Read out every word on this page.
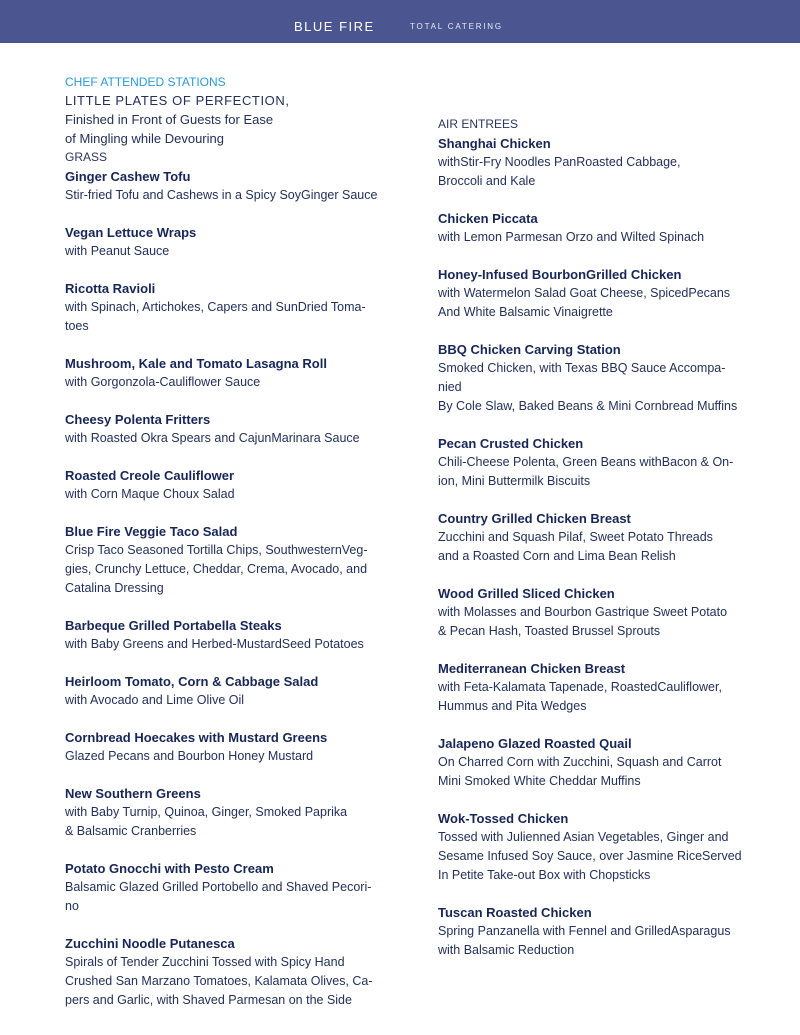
BLUE FIRE	TOTAL CATERING
CHEF ATTENDED STATIONS
LITTLE PLATES OF PERFECTION,
Finished in Front of Guests for Ease
of Mingling while Devouring
GRASS
Ginger Cashew Tofu
Stir-fried Tofu and Cashews in a Spicy SoyGinger Sauce
Vegan Lettuce Wraps
with Peanut Sauce
Ricotta Ravioli
with Spinach, Artichokes, Capers and SunDried Toma-
toes
Mushroom, Kale and Tomato Lasagna Roll
with Gorgonzola-Cauliflower Sauce
Cheesy Polenta Fritters
with Roasted Okra Spears and CajunMarinara Sauce
Roasted Creole Cauliflower
with Corn Maque Choux Salad
Blue Fire Veggie Taco Salad
Crisp Taco Seasoned Tortilla Chips, SouthwesternVeg-
gies, Crunchy Lettuce, Cheddar, Crema, Avocado, and
Catalina Dressing
Barbeque Grilled Portabella Steaks
with Baby Greens and Herbed-MustardSeed Potatoes
Heirloom Tomato, Corn & Cabbage Salad
with Avocado and Lime Olive Oil
Cornbread Hoecakes with Mustard Greens
Glazed Pecans and Bourbon Honey Mustard
New Southern Greens
with Baby Turnip, Quinoa, Ginger, Smoked Paprika
& Balsamic Cranberries
Potato Gnocchi with Pesto Cream
Balsamic Glazed Grilled Portobello and Shaved Pecori-
no
Zucchini Noodle Putanesca
Spirals of Tender Zucchini Tossed with Spicy Hand
Crushed San Marzano Tomatoes, Kalamata Olives, Ca-
pers and Garlic, with Shaved Parmesan on the Side
AIR ENTREES
Shanghai Chicken
withStir-Fry Noodles PanRoasted Cabbage,
Broccoli and Kale
Chicken Piccata
with Lemon Parmesan Orzo and Wilted Spinach
Honey-Infused BourbonGrilled Chicken
with Watermelon Salad Goat Cheese, SpicedPecans
And White Balsamic Vinaigrette
BBQ Chicken Carving Station
Smoked Chicken, with Texas BBQ Sauce Accompa-
nied
By Cole Slaw, Baked Beans & Mini Cornbread Muffins
Pecan Crusted Chicken
Chili-Cheese Polenta, Green Beans withBacon & On-
ion, Mini Buttermilk Biscuits
Country Grilled Chicken Breast
Zucchini and Squash Pilaf, Sweet Potato Threads
and a Roasted Corn and Lima Bean Relish
Wood Grilled Sliced Chicken
with Molasses and Bourbon Gastrique Sweet Potato
& Pecan Hash, Toasted Brussel Sprouts
Mediterranean Chicken Breast
with Feta-Kalamata Tapenade, RoastedCauliflower,
Hummus and Pita Wedges
Jalapeno Glazed Roasted Quail
On Charred Corn with Zucchini, Squash and Carrot
Mini Smoked White Cheddar Muffins
Wok-Tossed Chicken
Tossed with Julienned Asian Vegetables, Ginger and
Sesame Infused Soy Sauce, over Jasmine RiceServed
In Petite Take-out Box with Chopsticks
Tuscan Roasted Chicken
Spring Panzanella with Fennel and GrilledAsparagus
with Balsamic Reduction
